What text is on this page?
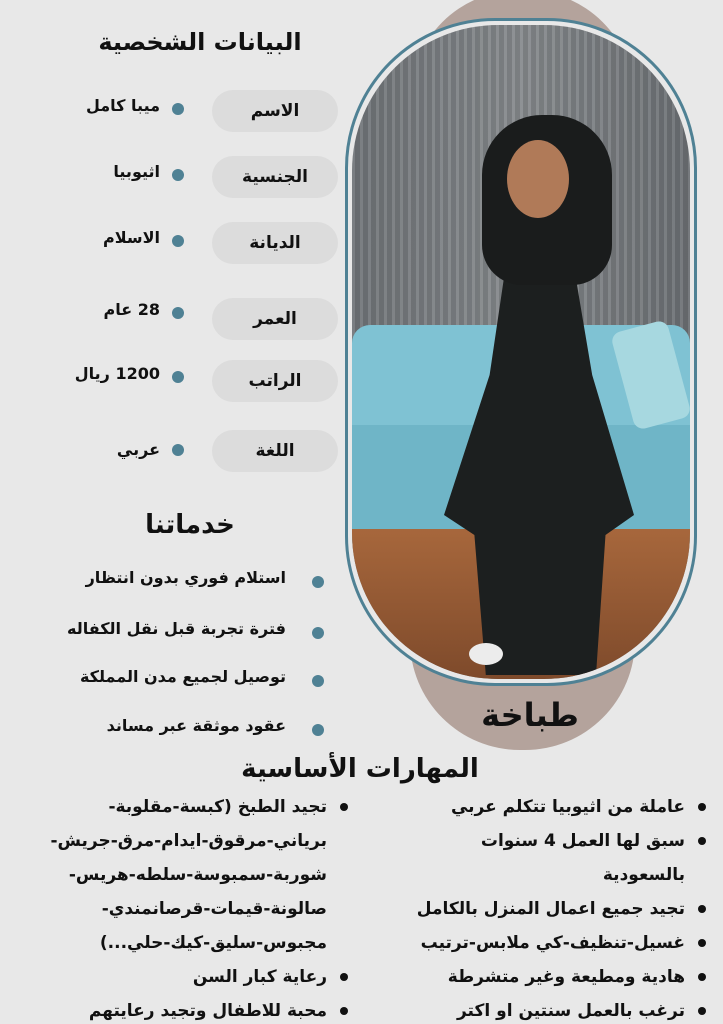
البيانات الشخصية
الاسم
ميبا كامل
الجنسية
اثيوبيا
الديانة
الاسلام
العمر
28 عام
الراتب
1200 ريال
اللغة
عربي
خدماتنا
استلام فوري بدون انتظار
فترة تجربة قبل نقل الكفاله
توصيل لجميع مدن المملكة
عقود موثقة عبر مساند	طباخة
المهارات الأساسية
عاملة من اثيوبيا تتكلم عربي
سبق لها العمل 4 سنوات
بالسعودية
تجيد جميع اعمال المنزل بالكامل
غسيل-تنظيف-كي ملابس-ترتيب
هادية ومطيعة وغير متشرطة
ترغب بالعمل سنتين او اكتر
تجيد الطبخ (كبسة-مقلوبة-
برياني-مرقوق-ايدام-مرق-جريش-
شوربة-سمبوسة-سلطه-هريس-
صالونة-قيمات-قرصانمندي-
مجبوس-سليق-كيك-حلي...)
رعاية كبار السن
محبة للاطفال وتجيد رعايتهم
